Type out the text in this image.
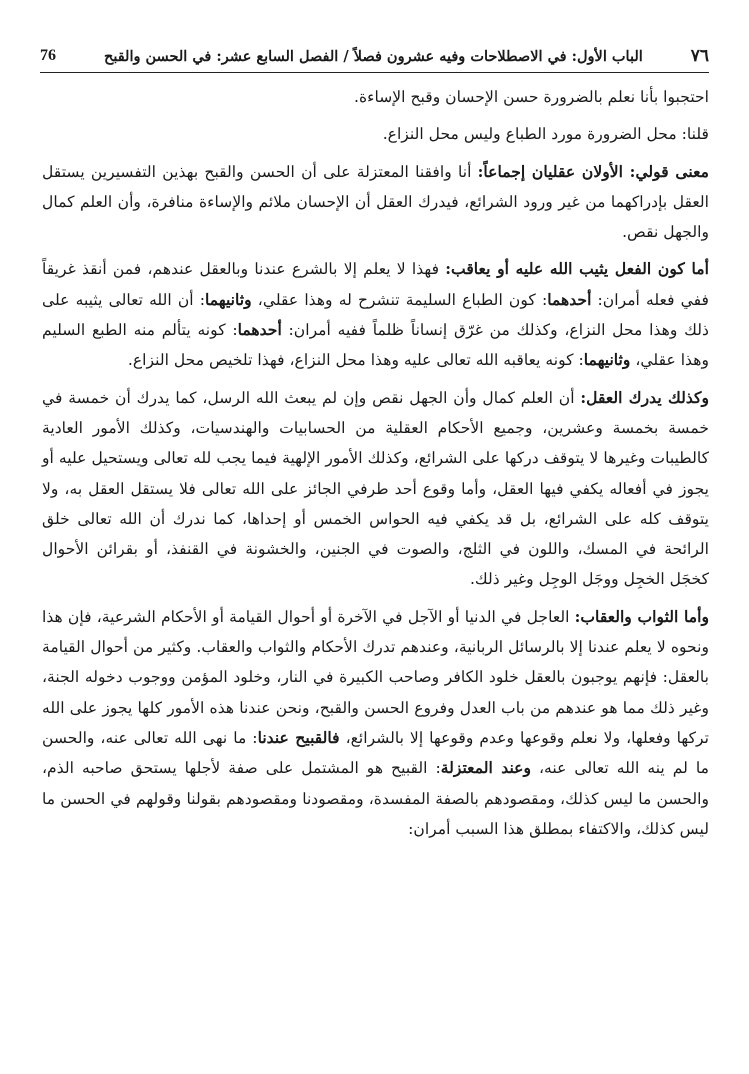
٧٦
الباب الأول: في الاصطلاحات وفيه عشرون فصلاً / الفصل السابع عشر: في الحسن والقبح
76

احتجبوا بأنا نعلم بالضرورة حسن الإحسان وقبح الإساءة.

قلنا: محل الضرورة مورد الطباع وليس محل النزاع.

معنى قولي: الأولان عقليان إجماعاً: أنا وافقنا المعتزلة على أن الحسن والقبح بهذين التفسيرين يستقل العقل بإدراكهما من غير ورود الشرائع، فيدرك العقل أن الإحسان ملائم والإساءة منافرة، وأن العلم كمال والجهل نقص.

أما كون الفعل يثيب الله عليه أو يعاقب: فهذا لا يعلم إلا بالشرع عندنا وبالعقل عندهم، فمن أنقذ غريقاً ففي فعله أمران: أحدهما: كون الطباع السليمة تنشرح له وهذا عقلي، وثانيهما: أن الله تعالى يثيبه على ذلك وهذا محل النزاع، وكذلك من غرّق إنساناً ظلماً ففيه أمران: أحدهما: كونه يتألم منه الطبع السليم وهذا عقلي، وثانيهما: كونه يعاقبه الله تعالى عليه وهذا محل النزاع، فهذا تلخيص محل النزاع.

وكذلك يدرك العقل: أن العلم كمال وأن الجهل نقص وإن لم يبعث الله الرسل، كما يدرك أن خمسة في خمسة بخمسة وعشرين، وجميع الأحكام العقلية من الحسابيات والهندسيات، وكذلك الأمور العادية كالطيبات وغيرها لا يتوقف دركها على الشرائع، وكذلك الأمور الإلهية فيما يجب لله تعالى ويستحيل عليه أو يجوز في أفعاله يكفي فيها العقل، وأما وقوع أحد طرفي الجائز على الله تعالى فلا يستقل العقل به، ولا يتوقف كله على الشرائع، بل قد يكفي فيه الحواس الخمس أو إحداها، كما ندرك أن الله تعالى خلق الرائحة في المسك، واللون في الثلج، والصوت في الجنين، والخشونة في القنفذ، أو بقرائن الأحوال كخجَل الخجِل ووجَل الوجِل وغير ذلك.

وأما الثواب والعقاب: العاجل في الدنيا أو الآجل في الآخرة أو أحوال القيامة أو الأحكام الشرعية، فإن هذا ونحوه لا يعلم عندنا إلا بالرسائل الربانية، وعندهم تدرك الأحكام والثواب والعقاب. وكثير من أحوال القيامة بالعقل: فإنهم يوجبون بالعقل خلود الكافر وصاحب الكبيرة في النار، وخلود المؤمن ووجوب دخوله الجنة، وغير ذلك مما هو عندهم من باب العدل وفروع الحسن والقبح، ونحن عندنا هذه الأمور كلها يجوز على الله تركها وفعلها، ولا نعلم وقوعها وعدم وقوعها إلا بالشرائع، فالقبيح عندنا: ما نهى الله تعالى عنه، والحسن ما لم ينه الله تعالى عنه، وعند المعتزلة: القبيح هو المشتمل على صفة لأجلها يستحق صاحبه الذم، والحسن ما ليس كذلك، ومقصودهم بالصفة المفسدة، ومقصودنا ومقصودهم بقولنا وقولهم في الحسن ما ليس كذلك، والاكتفاء بمطلق هذا السبب أمران:
